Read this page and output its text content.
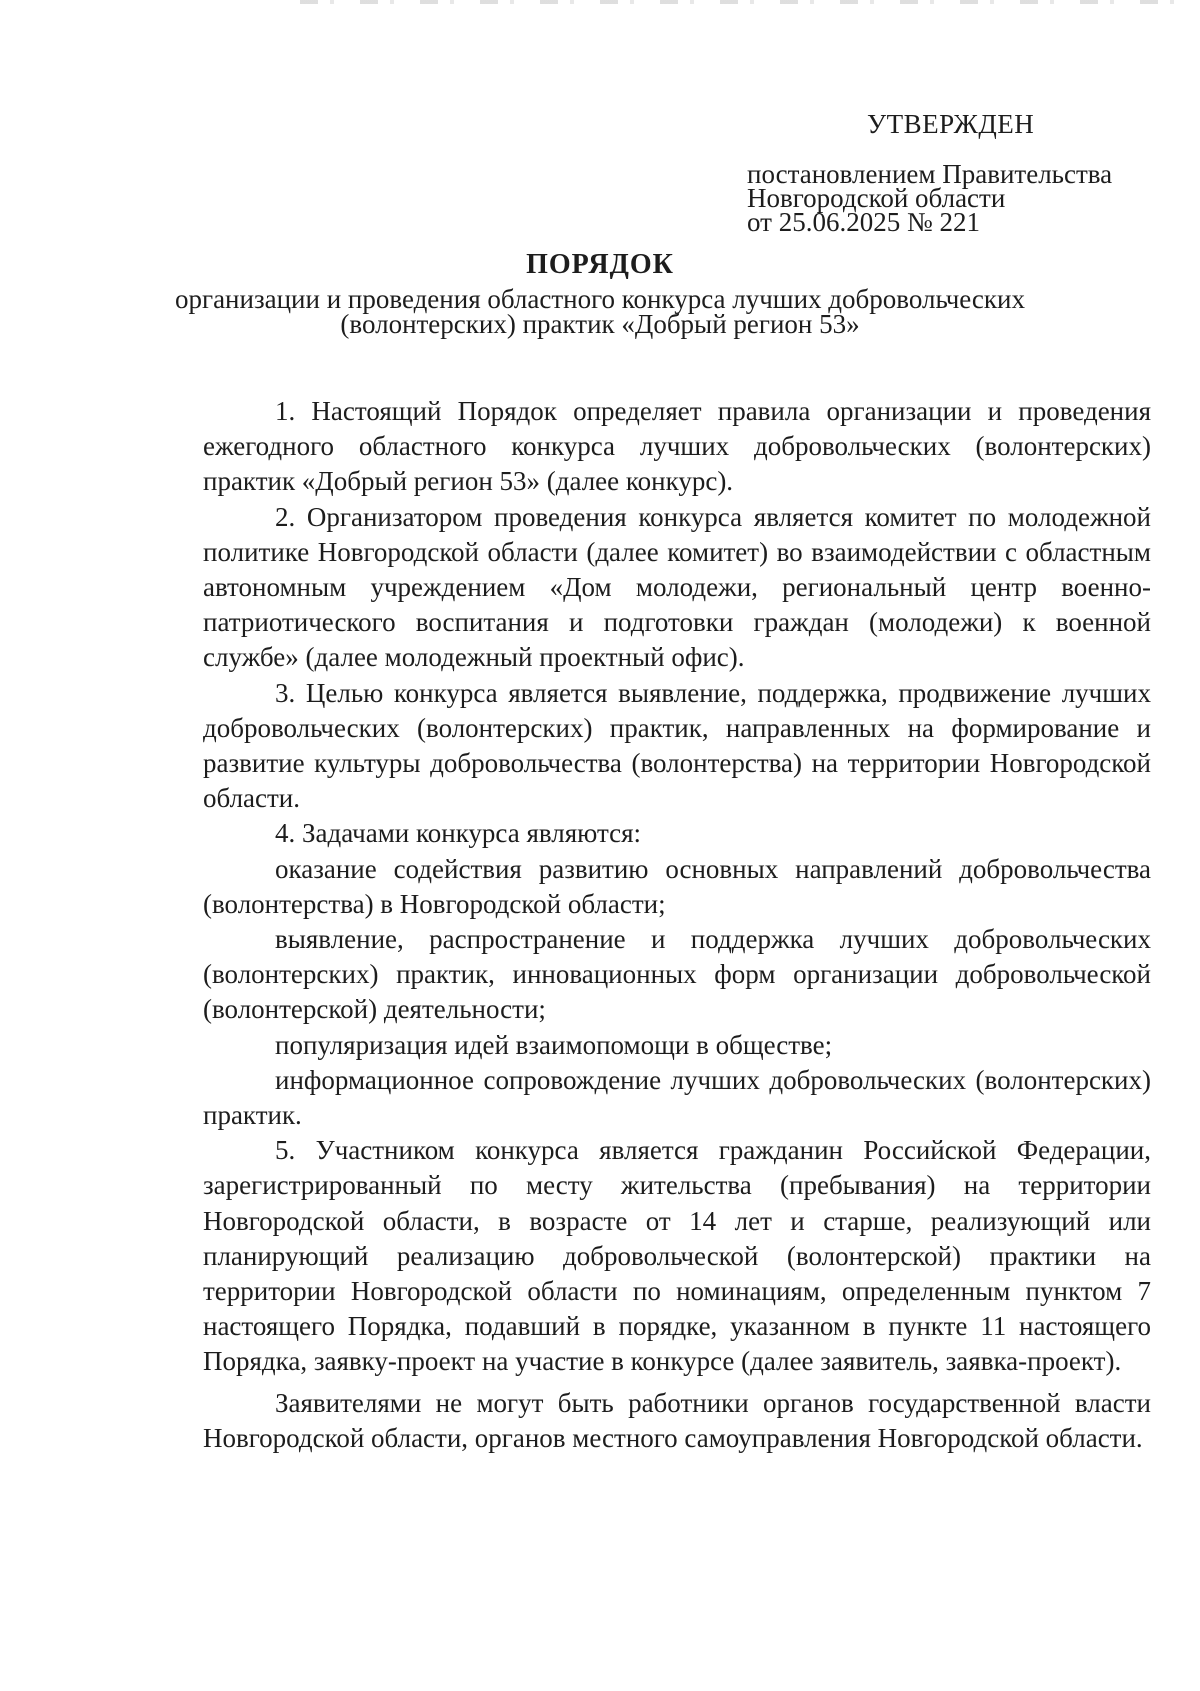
УТВЕРЖДЕН
постановлением Правительства
Новгородской области
от 25.06.2025 № 221
ПОРЯДОК
организации и проведения областного конкурса лучших добровольческих
(волонтерских) практик «Добрый регион 53»

1. Настоящий Порядок определяет правила организации и проведения ежегодного областного конкурса лучших добровольческих (волонтерских) практик «Добрый регион 53» (далее конкурс).

2. Организатором проведения конкурса является комитет по молодежной политике Новгородской области (далее комитет) во взаимодействии с областным автономным учреждением «Дом молодежи, региональный центр военно-патриотического воспитания и подготовки граждан (молодежи) к военной службе» (далее молодежный проектный офис).

3. Целью конкурса является выявление, поддержка, продвижение лучших добровольческих (волонтерских) практик, направленных на формирование и развитие культуры добровольчества (волонтерства) на территории Новгородской области.

4. Задачами конкурса являются:

оказание содействия развитию основных направлений добровольчества (волонтерства) в Новгородской области;

выявление, распространение и поддержка лучших добровольческих (волонтерских) практик, инновационных форм организации добровольческой (волонтерской) деятельности;

популяризация идей взаимопомощи в обществе;

информационное сопровождение лучших добровольческих (волонтерских) практик.

5. Участником конкурса является гражданин Российской Федерации, зарегистрированный по месту жительства (пребывания) на территории Новгородской области, в возрасте от 14 лет и старше, реализующий или планирующий реализацию добровольческой (волонтерской) практики на территории Новгородской области по номинациям, определенным пунктом 7 настоящего Порядка, подавший в порядке, указанном в пункте 11 настоящего Порядка, заявку-проект на участие в конкурсе (далее заявитель, заявка-проект).

Заявителями не могут быть работники органов государственной власти Новгородской области, органов местного самоуправления Новгородской области.
